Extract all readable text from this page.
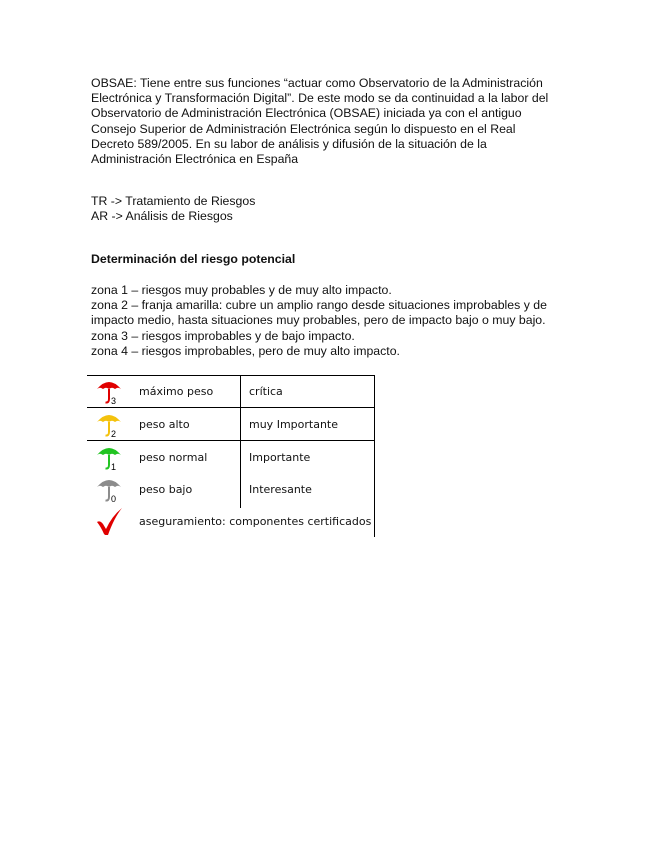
OBSAE: Tiene entre sus funciones “actuar como Observatorio de la Administración
Electrónica y Transformación Digital”. De este modo se da continuidad a la labor del
Observatorio de Administración Electrónica (OBSAE) iniciada ya con el antiguo
Consejo Superior de Administración Electrónica según lo dispuesto en el Real
Decreto 589/2005. En su labor de análisis y difusión de la situación de la
Administración Electrónica en España
TR -> Tratamiento de Riesgos
AR -> Análisis de Riesgos
Determinación del riesgo potencial
zona 1 – riesgos muy probables y de muy alto impacto.
zona 2 – franja amarilla: cubre un amplio rango desde situaciones improbables y de
impacto medio, hasta situaciones muy probables, pero de impacto bajo o muy bajo.
zona 3 – riesgos improbables y de bajo impacto.
zona 4 – riesgos improbables, pero de muy alto impacto.
3
máximo peso	crítica
2
peso alto	muy Importante
1
peso normal	Importante
0
peso bajo	Interesante
aseguramiento: componentes certificados
